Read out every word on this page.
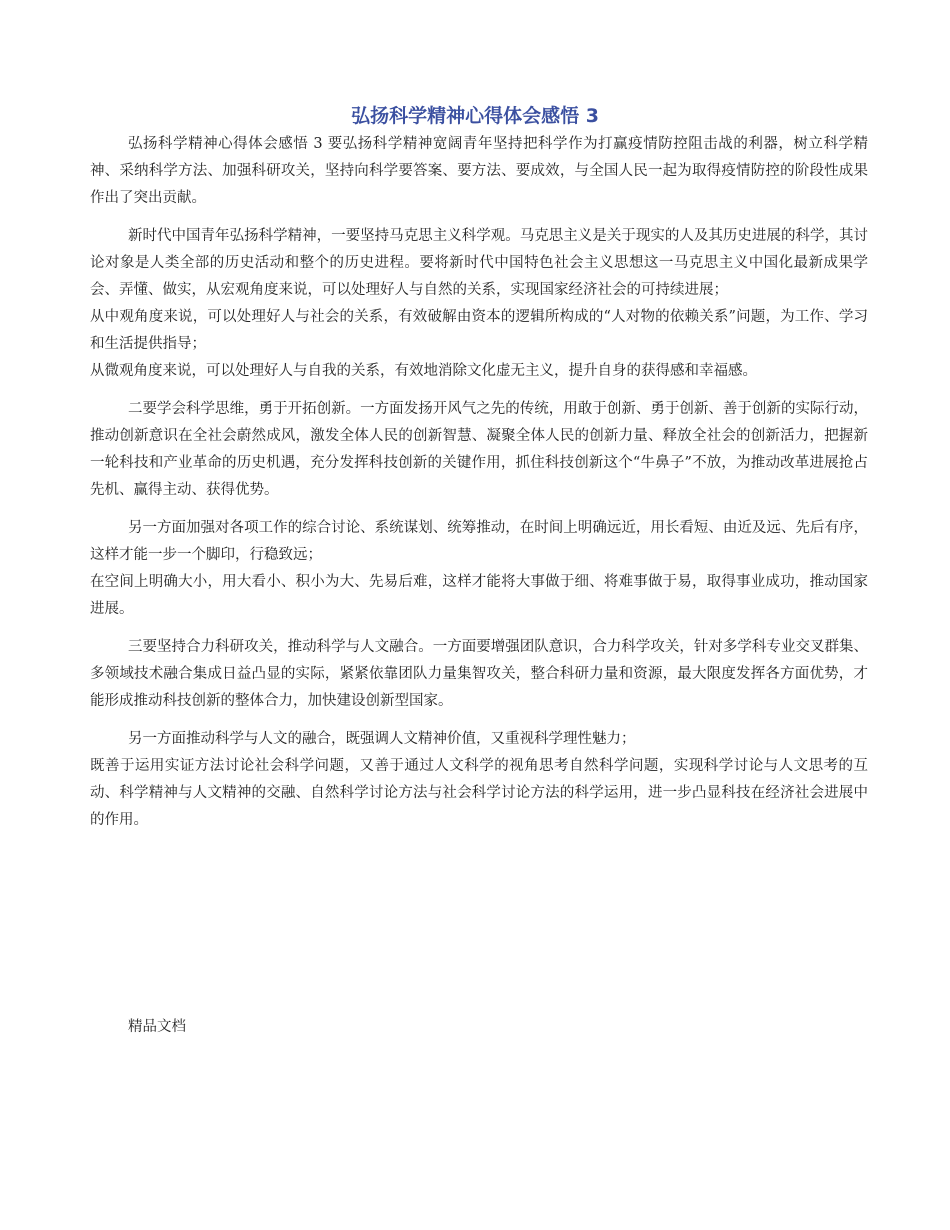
弘扬科学精神心得体会感悟 3

弘扬科学精神心得体会感悟 3 要弘扬科学精神宽阔青年坚持把科学作为打赢疫情防控阻击战的利器，树立科学精神、采纳科学方法、加强科研攻关，坚持向科学要答案、要方法、要成效，与全国人民一起为取得疫情防控的阶段性成果作出了突出贡献。

新时代中国青年弘扬科学精神，一要坚持马克思主义科学观。马克思主义是关于现实的人及其历史进展的科学，其讨论对象是人类全部的历史活动和整个的历史进程。要将新时代中国特色社会主义思想这一马克思主义中国化最新成果学会、弄懂、做实，从宏观角度来说，可以处理好人与自然的关系，实现国家经济社会的可持续进展；

从中观角度来说，可以处理好人与社会的关系，有效破解由资本的逻辑所构成的“人对物的依赖关系”问题，为工作、学习和生活提供指导；

从微观角度来说，可以处理好人与自我的关系，有效地消除文化虚无主义，提升自身的获得感和幸福感。

二要学会科学思维，勇于开拓创新。一方面发扬开风气之先的传统，用敢于创新、勇于创新、善于创新的实际行动，推动创新意识在全社会蔚然成风，激发全体人民的创新智慧、凝聚全体人民的创新力量、释放全社会的创新活力，把握新一轮科技和产业革命的历史机遇，充分发挥科技创新的关键作用，抓住科技创新这个“牛鼻子”不放，为推动改革进展抢占先机、赢得主动、获得优势。

另一方面加强对各项工作的综合讨论、系统谋划、统筹推动，在时间上明确远近，用长看短、由近及远、先后有序，这样才能一步一个脚印，行稳致远；

在空间上明确大小，用大看小、积小为大、先易后难，这样才能将大事做于细、将难事做于易，取得事业成功，推动国家进展。

三要坚持合力科研攻关，推动科学与人文融合。一方面要增强团队意识，合力科学攻关，针对多学科专业交叉群集、多领域技术融合集成日益凸显的实际，紧紧依靠团队力量集智攻关，整合科研力量和资源，最大限度发挥各方面优势，才能形成推动科技创新的整体合力，加快建设创新型国家。

另一方面推动科学与人文的融合，既强调人文精神价值，又重视科学理性魅力；

既善于运用实证方法讨论社会科学问题，又善于通过人文科学的视角思考自然科学问题，实现科学讨论与人文思考的互动、科学精神与人文精神的交融、自然科学讨论方法与社会科学讨论方法的科学运用，进一步凸显科技在经济社会进展中的作用。

精品文档
